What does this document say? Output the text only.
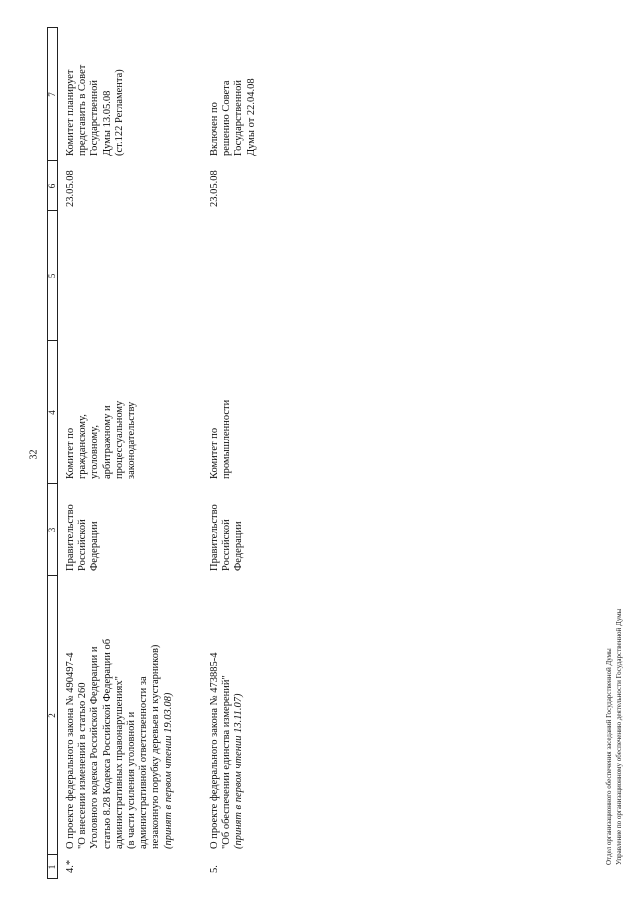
32
1
2
3
4
5
6
7
4.*
О проекте федерального закона № 490497-4 "О внесении изменений в статью 260 Уголовного кодекса Российской Федерации и статью 8.28 Кодекса Российской Федерации об административных правонарушениях" (в части усиления уголовной и административной ответственности за незаконную порубку деревьев и кустарников) (принят в первом чтении 19.03.08)
Правительство Российской Федерации
Комитет по гражданскому, уголовному, арбитражному и процессуальному законодательству
23.05.08
Комитет планирует представить в Совет Государственной Думы 13.05.08 (ст.122 Регламента)
5.
О проекте федерального закона № 473885-4 "Об обеспечении единства измерений" (принят в первом чтении 13.11.07)
Правительство Российской Федерации
Комитет по промышленности
23.05.08
Включен по решению Совета Государственной Думы от 22.04.08
Отдел организационного обеспечения заседаний Государственной Думы Управление по организационному обеспечению деятельности Государственной Думы
